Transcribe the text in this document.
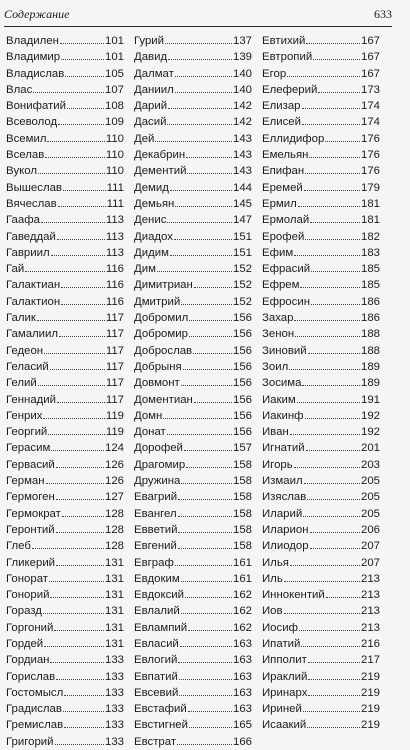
Содержание	633
Владилен	101
Владимир	101
Владислав	105
Влас	107
Вонифатий	108
Всеволод	109
Всемил	110
Вселав	110
Вукол	110
Вышеслав	111
Вячеслав	111
Гаафа	113
Гаведдай	113
Гавриил	113
Гай	116
Галактиан	116
Галактион	116
Галик	117
Гамалиил	117
Гедеон	117
Геласий	117
Гелий	117
Геннадий	117
Генрих	119
Георгий	119
Герасим	124
Гервасий	126
Герман	126
Гермоген	127
Гермократ	128
Геронтий	128
Глеб	128
Гликерий	131
Гонорат	131
Гонорий	131
Горазд	131
Горгоний	131
Гордей	131
Гордиан	133
Горислав	133
Гостомысл	133
Градислав	133
Гремислав	133
Григорий	133
Гурий	137
Давид	139
Далмат	140
Даниил	140
Дарий	142
Дасий	142
Дей	143
Декабрин	143
Дементий	143
Демид	144
Демьян	145
Денис	147
Диадох	151
Дидим	151
Дим	152
Димитриан	152
Дмитрий	152
Добромил	156
Добромир	156
Доброслав	156
Добрыня	156
Довмонт	156
Доментиан	156
Домн	156
Донат	156
Дорофей	157
Драгомир	158
Дружина	158
Евагрий	158
Евангел	158
Евветий	158
Евгений	158
Евграф	161
Евдоким	161
Евдоксий	162
Евлалий	162
Евлампий	162
Евласий	163
Евлогий	163
Евпатий	163
Евсевий	163
Евстафий	163
Евстигней	165
Евстрат	166
Евтихий	167
Евтропий	167
Егор	167
Елеферий	173
Елизар	174
Елисей	174
Еллидифор	176
Емельян	176
Епифан	176
Еремей	179
Ермил	181
Ермолай	181
Ерофей	182
Ефим	183
Ефрасий	185
Ефрем	185
Ефросин	186
Захар	186
Зенон	188
Зиновий	188
Зоил	189
Зосима	189
Иаким	191
Иакинф	192
Иван	192
Игнатий	201
Игорь	203
Измаил	205
Изяслав	205
Иларий	205
Иларион	206
Илиодор	207
Илья	207
Иль	213
Иннокентий	213
Иов	213
Иосиф	213
Ипатий	216
Ипполит	217
Ираклий	219
Иринарх	219
Ириней	219
Исаакий	219
